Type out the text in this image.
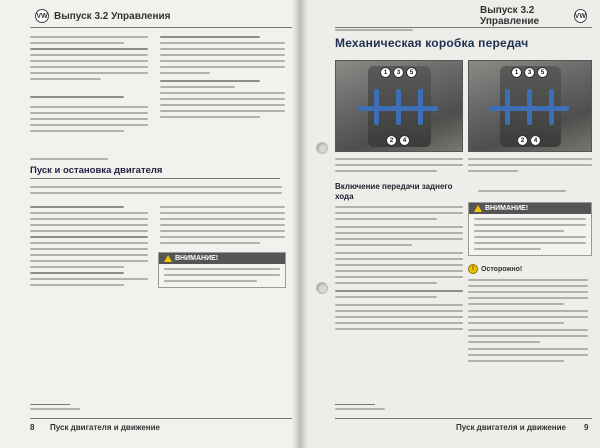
VW Выпуск 3.2 Управления
Пуск и остановка двигателя
ВНИМАНИЕ!
8 Пуск двигателя и движение
Выпуск 3.2 Управление	VW
Механическая коробка передач
1	3	5
2	4
1	3	5
2	4
Включение передачи заднего хода
ВНИМАНИЕ!
!	Осторожно!
Пуск двигателя и движение 9
